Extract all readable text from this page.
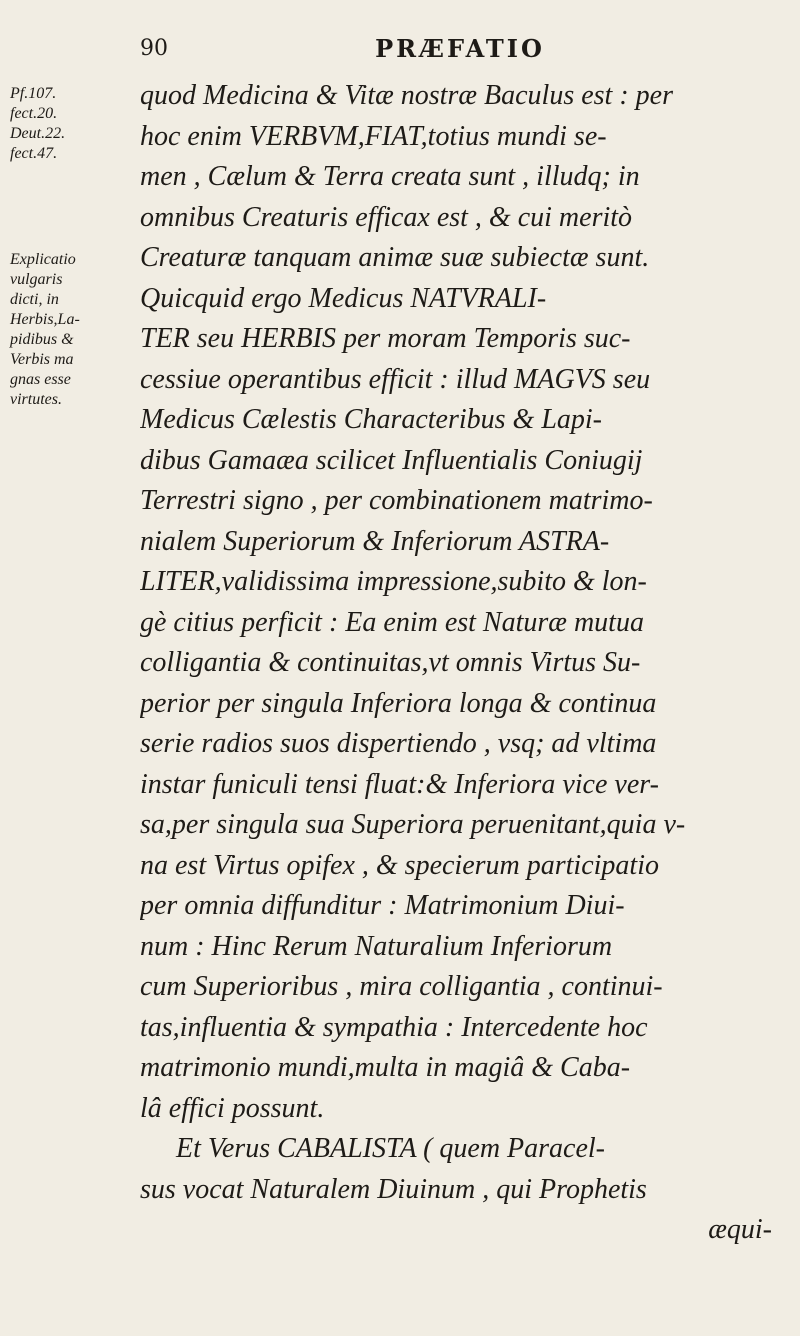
90	PRÆFATIO
Pf.107.
fect.20.
Deut.22.
fect.47.
Explicatio
vulgaris
dicti, in
Herbis,La-
pidibus &
Verbis ma
gnas esse
virtutes.
quod Medicina & Vitæ nostræ Baculus est : per
hoc enim VERBVM,FIAT,totius mundi se-
men , Cælum & Terra creata sunt , illudq; in
omnibus Creaturis efficax est , & cui meritò
Creaturæ tanquam animæ suæ subiectæ sunt.
Quicquid ergo Medicus NATVRALI-
TER seu HERBIS per moram Temporis suc-
cessiue operantibus efficit : illud MAGVS seu
Medicus Cælestis Characteribus & Lapi-
dibus Gamaæa scilicet Influentialis Coniugij
Terrestri signo , per combinationem matrimo-
nialem Superiorum & Inferiorum ASTRA-
LITER,validissima impressione,subito & lon-
gè citius perficit : Ea enim est Naturæ mutua
colligantia & continuitas,vt omnis Virtus Su-
perior per singula Inferiora longa & continua
serie radios suos dispertiendo , vsq; ad vltima
instar funiculi tensi fluat:& Inferiora vice ver-
sa,per singula sua Superiora peruenitant,quia v-
na est Virtus opifex , & specierum participatio
per omnia diffunditur : Matrimonium Diui-
num : Hinc Rerum Naturalium Inferiorum
cum Superioribus , mira colligantia , continui-
tas,influentia & sympathia : Intercedente hoc
matrimonio mundi,multa in magiâ & Caba-
lâ effici possunt.
Et Verus CABALISTA ( quem Paracel-
sus vocat Naturalem Diuinum , qui Prophetis
æqui-
